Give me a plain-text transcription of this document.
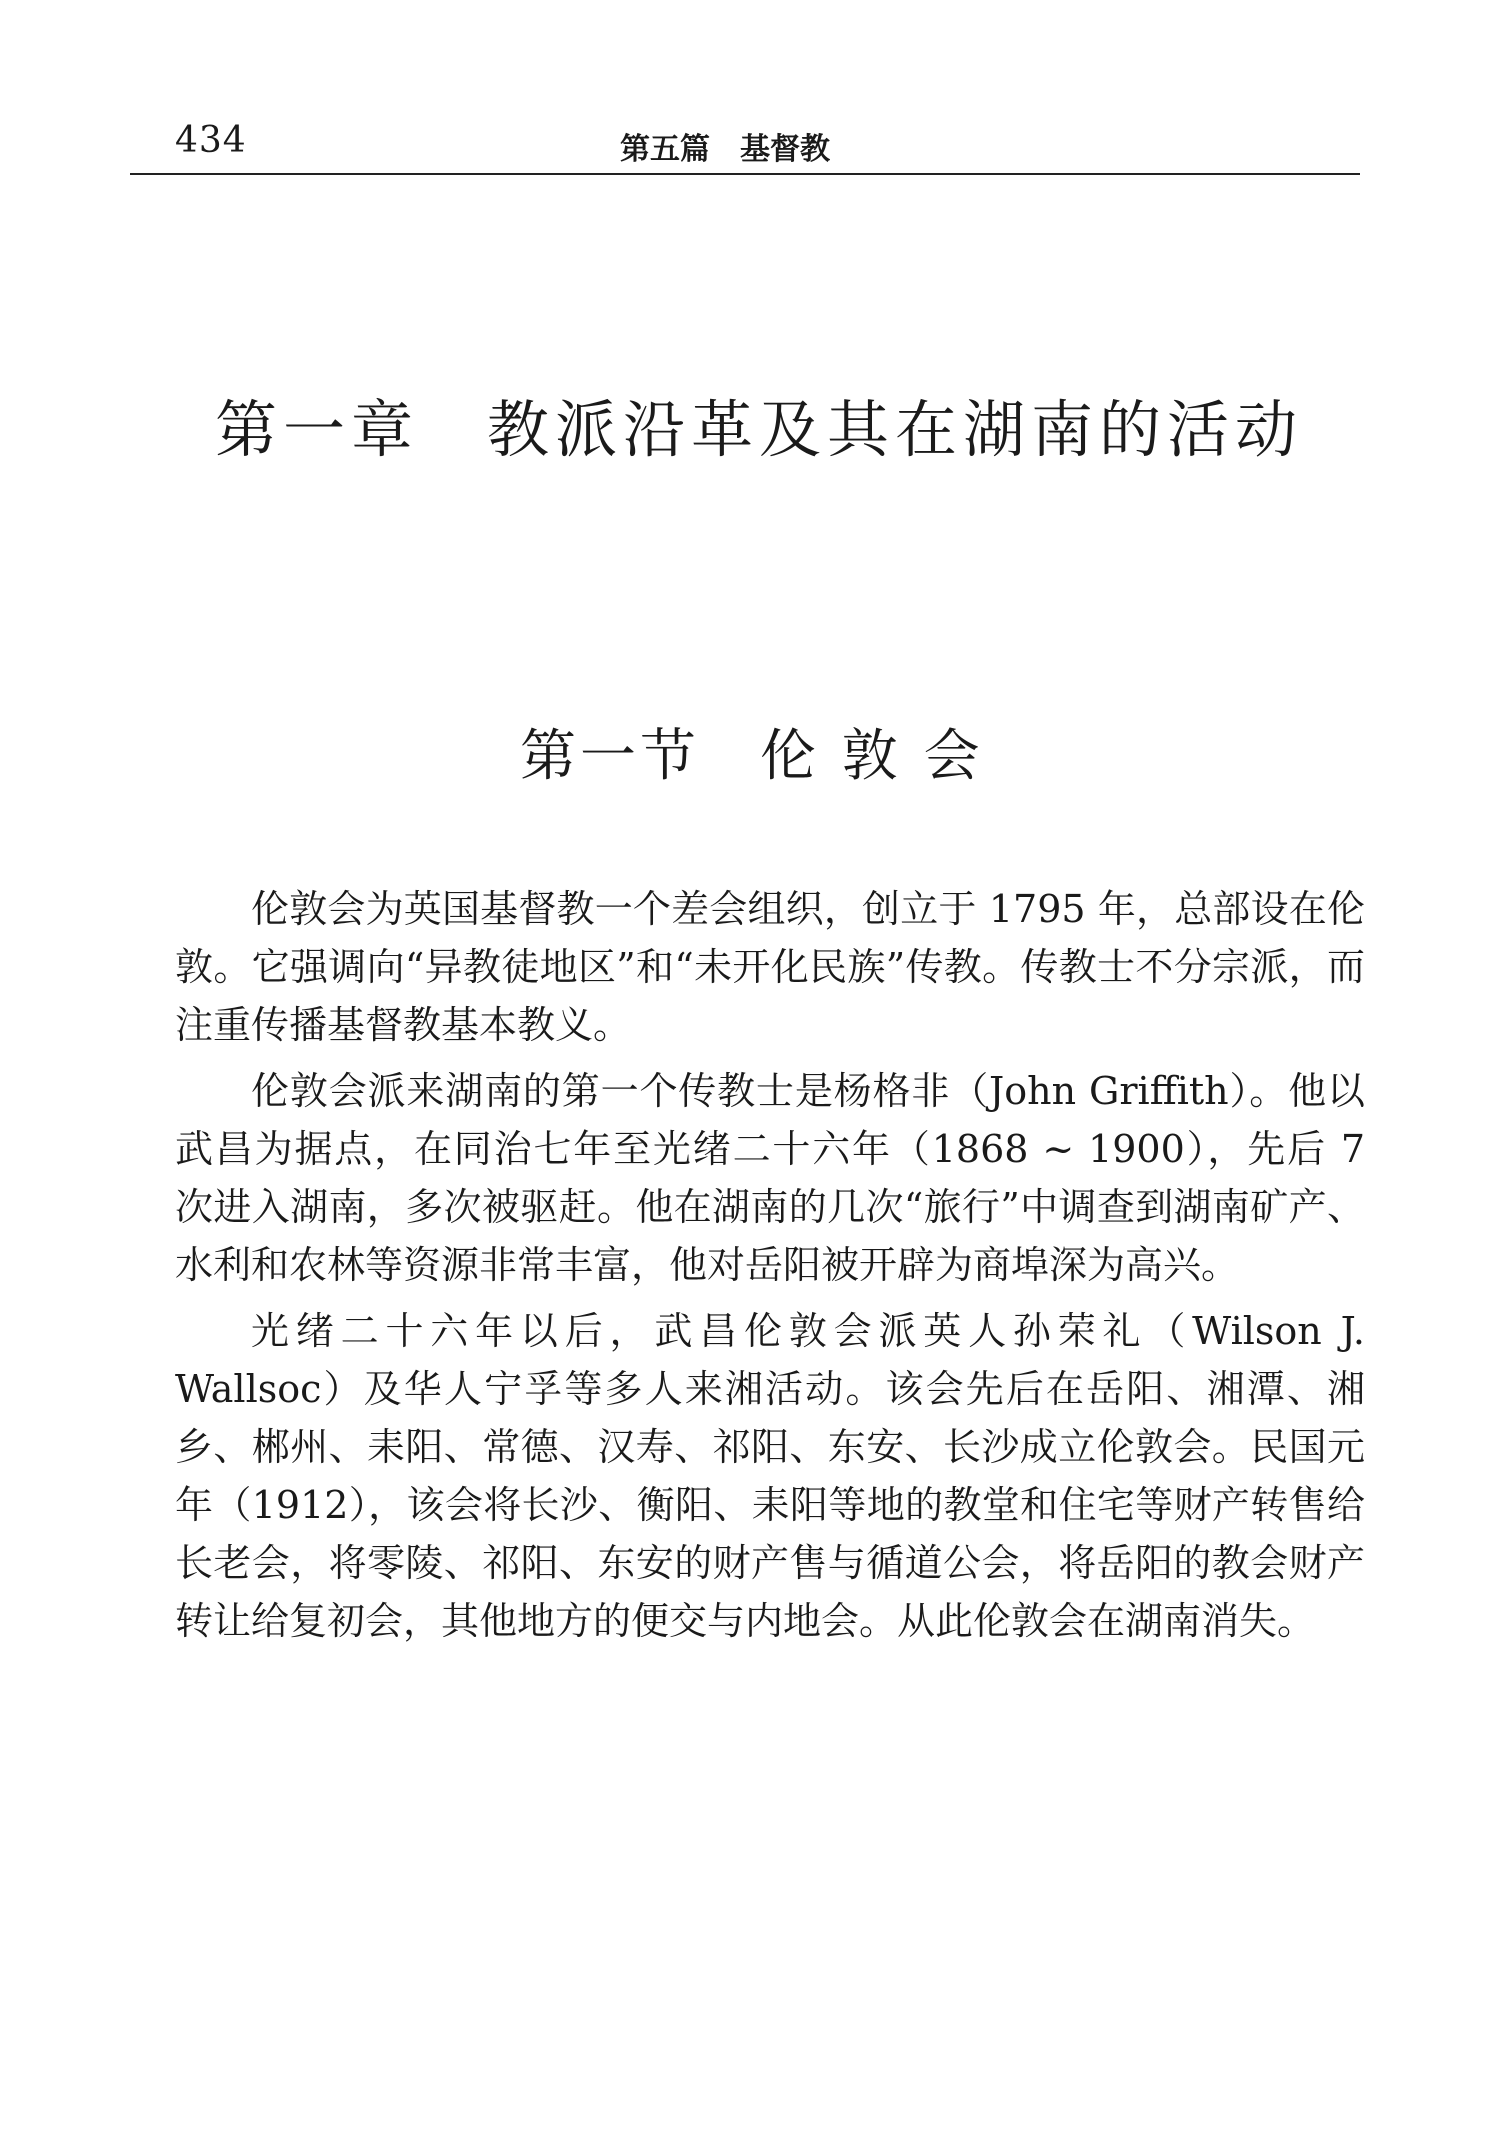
434	第五篇　基督教
第一章　教派沿革及其在湖南的活动
第一节　伦 敦 会

伦敦会为英国基督教一个差会组织，创立于 1795 年，总部设在伦敦。它强调向“异教徒地区”和“未开化民族”传教。传教士不分宗派，而注重传播基督教基本教义。

伦敦会派来湖南的第一个传教士是杨格非（John Griffith）。他以武昌为据点，在同治七年至光绪二十六年（1868 ~ 1900），先后 7 次进入湖南，多次被驱赶。他在湖南的几次“旅行”中调查到湖南矿产、水利和农林等资源非常丰富，他对岳阳被开辟为商埠深为高兴。

光绪二十六年以后，武昌伦敦会派英人孙荣礼（Wilson J. Wallsoc）及华人宁孚等多人来湘活动。该会先后在岳阳、湘潭、湘乡、郴州、耒阳、常德、汉寿、祁阳、东安、长沙成立伦敦会。民国元年（1912），该会将长沙、衡阳、耒阳等地的教堂和住宅等财产转售给长老会，将零陵、祁阳、东安的财产售与循道公会，将岳阳的教会财产转让给复初会，其他地方的便交与内地会。从此伦敦会在湖南消失。
